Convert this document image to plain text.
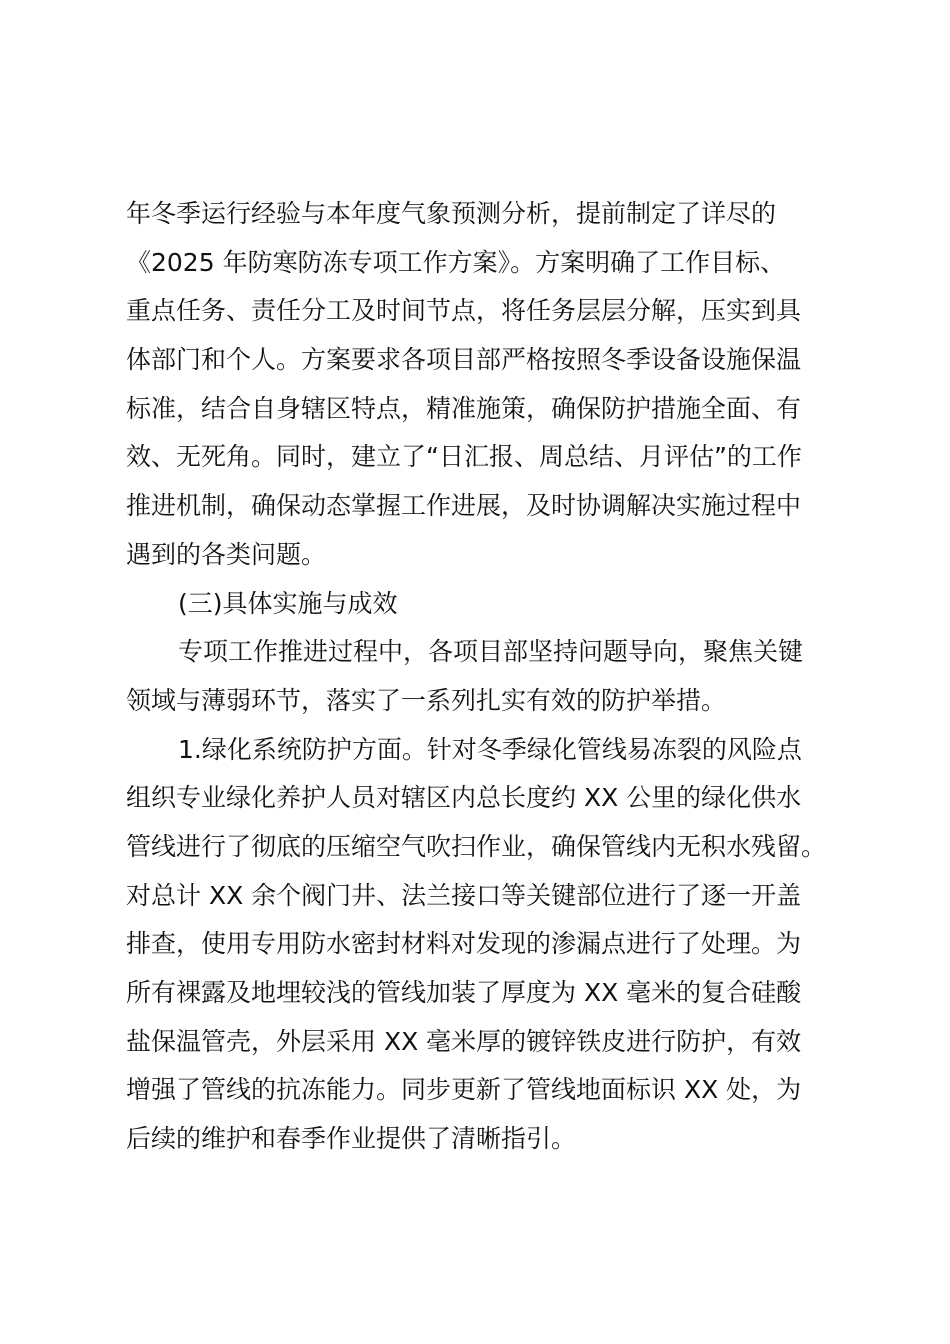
年冬季运行经验与本年度气象预测分析，提前制定了详尽的
《2025 年防寒防冻专项工作方案》。方案明确了工作目标、
重点任务、责任分工及时间节点，将任务层层分解，压实到具
体部门和个人。方案要求各项目部严格按照冬季设备设施保温
标准，结合自身辖区特点，精准施策，确保防护措施全面、有
效、无死角。同时，建立了“日汇报、周总结、月评估”的工作
推进机制，确保动态掌握工作进展，及时协调解决实施过程中
遇到的各类问题。
(三)具体实施与成效
专项工作推进过程中，各项目部坚持问题导向，聚焦关键
领域与薄弱环节，落实了一系列扎实有效的防护举措。
1.绿化系统防护方面。针对冬季绿化管线易冻裂的风险点
组织专业绿化养护人员对辖区内总长度约 XX 公里的绿化供水
管线进行了彻底的压缩空气吹扫作业，确保管线内无积水残留。
对总计 XX 余个阀门井、法兰接口等关键部位进行了逐一开盖
排查，使用专用防水密封材料对发现的渗漏点进行了处理。为
所有裸露及地埋较浅的管线加装了厚度为 XX 毫米的复合硅酸
盐保温管壳，外层采用 XX 毫米厚的镀锌铁皮进行防护，有效
增强了管线的抗冻能力。同步更新了管线地面标识 XX 处，为
后续的维护和春季作业提供了清晰指引。
